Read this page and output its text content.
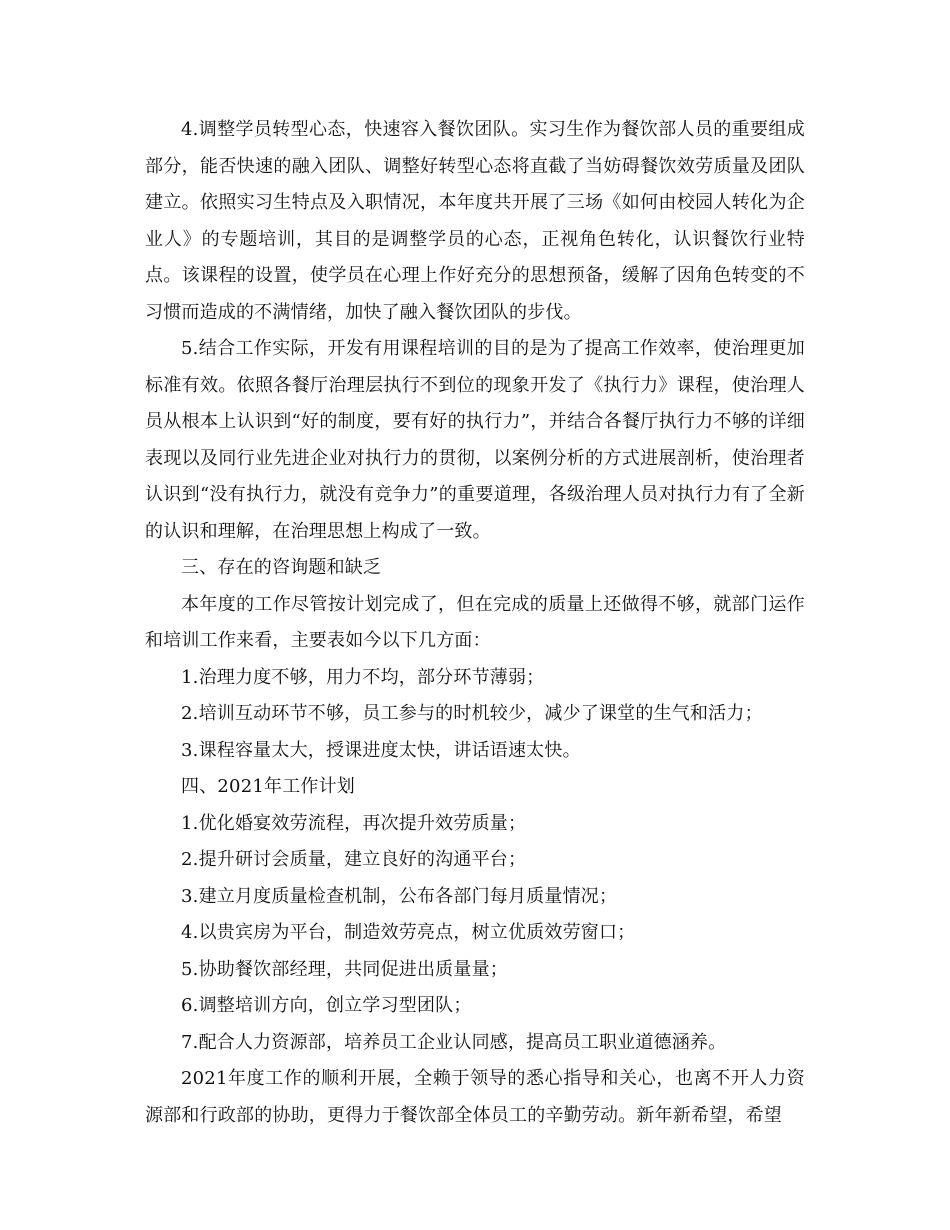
4.调整学员转型心态，快速容入餐饮团队。实习生作为餐饮部人员的重要组成部分，能否快速的融入团队、调整好转型心态将直截了当妨碍餐饮效劳质量及团队建立。依照实习生特点及入职情况，本年度共开展了三场《如何由校园人转化为企业人》的专题培训，其目的是调整学员的心态，正视角色转化，认识餐饮行业特点。该课程的设置，使学员在心理上作好充分的思想预备，缓解了因角色转变的不习惯而造成的不满情绪，加快了融入餐饮团队的步伐。

5.结合工作实际，开发有用课程培训的目的是为了提高工作效率，使治理更加标准有效。依照各餐厅治理层执行不到位的现象开发了《执行力》课程，使治理人员从根本上认识到“好的制度，要有好的执行力”，并结合各餐厅执行力不够的详细表现以及同行业先进企业对执行力的贯彻，以案例分析的方式进展剖析，使治理者认识到“没有执行力，就没有竞争力”的重要道理，各级治理人员对执行力有了全新的认识和理解，在治理思想上构成了一致。

三、存在的咨询题和缺乏

本年度的工作尽管按计划完成了，但在完成的质量上还做得不够，就部门运作和培训工作来看，主要表如今以下几方面：

1.治理力度不够，用力不均，部分环节薄弱；

2.培训互动环节不够，员工参与的时机较少，减少了课堂的生气和活力；

3.课程容量太大，授课进度太快，讲话语速太快。

四、2021年工作计划

1.优化婚宴效劳流程，再次提升效劳质量；

2.提升研讨会质量，建立良好的沟通平台；

3.建立月度质量检查机制，公布各部门每月质量情况；

4.以贵宾房为平台，制造效劳亮点，树立优质效劳窗口；

5.协助餐饮部经理，共同促进出质量量；

6.调整培训方向，创立学习型团队；

7.配合人力资源部，培养员工企业认同感，提高员工职业道德涵养。

2021年度工作的顺利开展，全赖于领导的悉心指导和关心，也离不开人力资源部和行政部的协助，更得力于餐饮部全体员工的辛勤劳动。新年新希望，希望
